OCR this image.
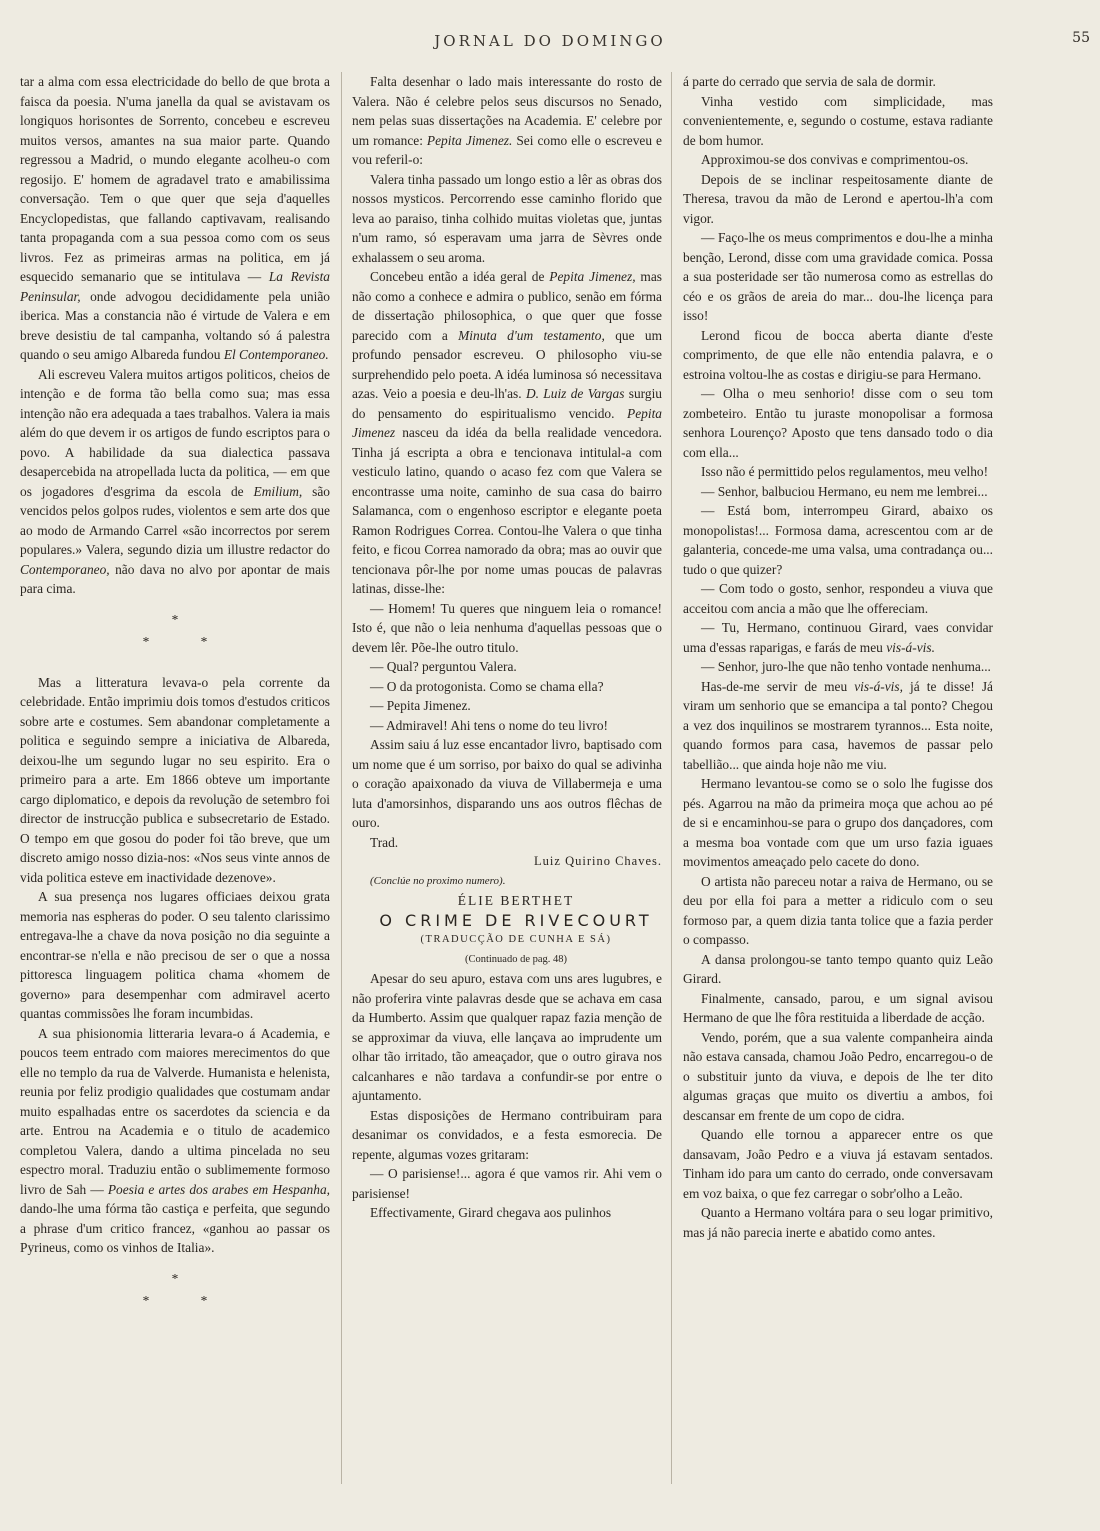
JORNAL DO DOMINGO	55

tar a alma com essa electricidade do bello de que brota a faisca da poesia. N'uma janella da qual se avistavam os longiquos horisontes de Sorrento, concebeu e escreveu muitos versos, amantes na sua maior parte. Quando regressou a Madrid, o mundo elegante acolheu-o com regosijo. E' homem de agradavel trato e amabilissima conversação. Tem o que quer que seja d'aquelles Encyclopedistas, que fallando captivavam, realisando tanta propaganda com a sua pessoa como com os seus livros. Fez as primeiras armas na politica, em já esquecido semanario que se intitulava — La Revista Peninsular, onde advogou decididamente pela união iberica. Mas a constancia não é virtude de Valera e em breve desistiu de tal campanha, voltando só á palestra quando o seu amigo Albareda fundou El Contemporaneo.

Ali escreveu Valera muitos artigos politicos, cheios de intenção e de forma tão bella como sua; mas essa intenção não era adequada a taes trabalhos. Valera ia mais além do que devem ir os artigos de fundo escriptos para o povo. A habilidade da sua dialectica passava desapercebida na atropellada lucta da politica, — em que os jogadores d'esgrima da escola de Emilium, são vencidos pelos golpos rudes, violentos e sem arte dos que ao modo de Armando Carrel «são incorrectos por serem populares.» Valera, segundo dizia um illustre redactor do Contemporaneo, não dava no alvo por apontar de mais para cima.

*
* *

Mas a litteratura levava-o pela corrente da celebridade. Então imprimiu dois tomos d'estudos criticos sobre arte e costumes. Sem abandonar completamente a politica e seguindo sempre a iniciativa de Albareda, deixou-lhe um segundo lugar no seu espirito. Era o primeiro para a arte. Em 1866 obteve um importante cargo diplomatico, e depois da revolução de setembro foi director de instrucção publica e subsecretario de Estado. O tempo em que gosou do poder foi tão breve, que um discreto amigo nosso dizia-nos: «Nos seus vinte annos de vida politica esteve em inactividade dezenove».

A sua presença nos lugares officiaes deixou grata memoria nas espheras do poder. O seu talento clarissimo entregava-lhe a chave da nova posição no dia seguinte a encontrar-se n'ella e não precisou de ser o que a nossa pittoresca linguagem politica chama «homem de governo» para desempenhar com admiravel acerto quantas commissões lhe foram incumbidas.

A sua phisionomia litteraria levara-o á Academia, e poucos teem entrado com maiores merecimentos do que elle no templo da rua de Valverde. Humanista e helenista, reunia por feliz prodigio qualidades que costumam andar muito espalhadas entre os sacerdotes da sciencia e da arte. Entrou na Academia e o titulo de academico completou Valera, dando a ultima pincelada no seu espectro moral. Traduziu então o sublimemente formoso livro de Sah — Poesia e artes dos arabes em Hespanha, dando-lhe uma fórma tão castiça e perfeita, que segundo a phrase d'um critico francez, «ganhou ao passar os Pyrineus, como os vinhos de Italia».

*
* *

Falta desenhar o lado mais interessante do rosto de Valera. Não é celebre pelos seus discursos no Senado, nem pelas suas dissertações na Academia. E' celebre por um romance: Pepita Jimenez. Sei como elle o escreveu e vou referil-o:

Valera tinha passado um longo estio a lêr as obras dos nossos mysticos. Percorrendo esse caminho florido que leva ao paraiso, tinha colhido muitas violetas que, juntas n'um ramo, só esperavam uma jarra de Sèvres onde exhalassem o seu aroma.

Concebeu então a idéa geral de Pepita Jimenez, mas não como a conhece e admira o publico, senão em fórma de dissertação philosophica, o que quer que fosse parecido com a Minuta d'um testamento, que um profundo pensador escreveu. O philosopho viu-se surprehendido pelo poeta. A idéa luminosa só necessitava azas. Veio a poesia e deu-lh'as. D. Luiz de Vargas surgiu do pensamento do espiritualismo vencido. Pepita Jimenez nasceu da idéa da bella realidade vencedora. Tinha já escripta a obra e tencionava intitulal-a com vesticulo latino, quando o acaso fez com que Valera se encontrasse uma noite, caminho de sua casa do bairro Salamanca, com o engenhoso escriptor e elegante poeta Ramon Rodrigues Correa. Contou-lhe Valera o que tinha feito, e ficou Correa namorado da obra; mas ao ouvir que tencionava pôr-lhe por nome umas poucas de palavras latinas, disse-lhe:

— Homem! Tu queres que ninguem leia o romance! Isto é, que não o leia nenhuma d'aquellas pessoas que o devem lêr. Põe-lhe outro titulo.

— Qual? perguntou Valera.

— O da protogonista. Como se chama ella?

— Pepita Jimenez.

— Admiravel! Ahi tens o nome do teu livro!

Assim saiu á luz esse encantador livro, baptisado com um nome que é um sorriso, por baixo do qual se adivinha o coração apaixonado da viuva de Villabermeja e uma luta d'amorsinhos, disparando uns aos outros flêchas de ouro.

Trad.

Luiz Quirino Chaves.

(Conclúe no proximo numero).

ÉLIE BERTHET

O CRIME DE RIVECOURT

(TRADUCÇÃO DE CUNHA E SÁ)

(Continuado de pag. 48)

Apesar do seu apuro, estava com uns ares lugubres, e não proferira vinte palavras desde que se achava em casa da Humberto. Assim que qualquer rapaz fazia menção de se approximar da viuva, elle lançava ao imprudente um olhar tão irritado, tão ameaçador, que o outro girava nos calcanhares e não tardava a confundir-se por entre o ajuntamento.

Estas disposições de Hermano contribuiram para desanimar os convidados, e a festa esmorecia. De repente, algumas vozes gritaram:

— O parisiense!... agora é que vamos rir. Ahi vem o parisiense!

Effectivamente, Girard chegava aos pulinhos

á parte do cerrado que servia de sala de dormir.

Vinha vestido com simplicidade, mas convenientemente, e, segundo o costume, estava radiante de bom humor.

Approximou-se dos convivas e comprimentou-os.

Depois de se inclinar respeitosamente diante de Theresa, travou da mão de Lerond e apertou-lh'a com vigor.

— Faço-lhe os meus comprimentos e dou-lhe a minha benção, Lerond, disse com uma gravidade comica. Possa a sua posteridade ser tão numerosa como as estrellas do céo e os grãos de areia do mar... dou-lhe licença para isso!

Lerond ficou de bocca aberta diante d'este comprimento, de que elle não entendia palavra, e o estroina voltou-lhe as costas e dirigiu-se para Hermano.

— Olha o meu senhorio! disse com o seu tom zombeteiro. Então tu juraste monopolisar a formosa senhora Lourenço? Aposto que tens dansado todo o dia com ella...

Isso não é permittido pelos regulamentos, meu velho!

— Senhor, balbuciou Hermano, eu nem me lembrei...

— Está bom, interrompeu Girard, abaixo os monopolistas!... Formosa dama, acrescentou com ar de galanteria, concede-me uma valsa, uma contradança ou... tudo o que quizer?

— Com todo o gosto, senhor, respondeu a viuva que acceitou com ancia a mão que lhe offereciam.

— Tu, Hermano, continuou Girard, vaes convidar uma d'essas raparigas, e farás de meu vis-á-vis.

— Senhor, juro-lhe que não tenho vontade nenhuma...

Has-de-me servir de meu vis-á-vis, já te disse! Já viram um senhorio que se emancipa a tal ponto? Chegou a vez dos inquilinos se mostrarem tyrannos... Esta noite, quando formos para casa, havemos de passar pelo tabellião... que ainda hoje não me viu.

Hermano levantou-se como se o solo lhe fugisse dos pés. Agarrou na mão da primeira moça que achou ao pé de si e encaminhou-se para o grupo dos dançadores, com a mesma boa vontade com que um urso fazia iguaes movimentos ameaçado pelo cacete do dono.

O artista não pareceu notar a raiva de Hermano, ou se deu por ella foi para a metter a ridiculo com o seu formoso par, a quem dizia tanta tolice que a fazia perder o compasso.

A dansa prolongou-se tanto tempo quanto quiz Leão Girard.

Finalmente, cansado, parou, e um signal avisou Hermano de que lhe fôra restituida a liberdade de acção.

Vendo, porém, que a sua valente companheira ainda não estava cansada, chamou João Pedro, encarregou-o de o substituir junto da viuva, e depois de lhe ter dito algumas graças que muito os divertiu a ambos, foi descansar em frente de um copo de cidra.

Quando elle tornou a apparecer entre os que dansavam, João Pedro e a viuva já estavam sentados. Tinham ido para um canto do cerrado, onde conversavam em voz baixa, o que fez carregar o sobr'olho a Leão.

Quanto a Hermano voltára para o seu logar primitivo, mas já não parecia inerte e abatido como antes.
